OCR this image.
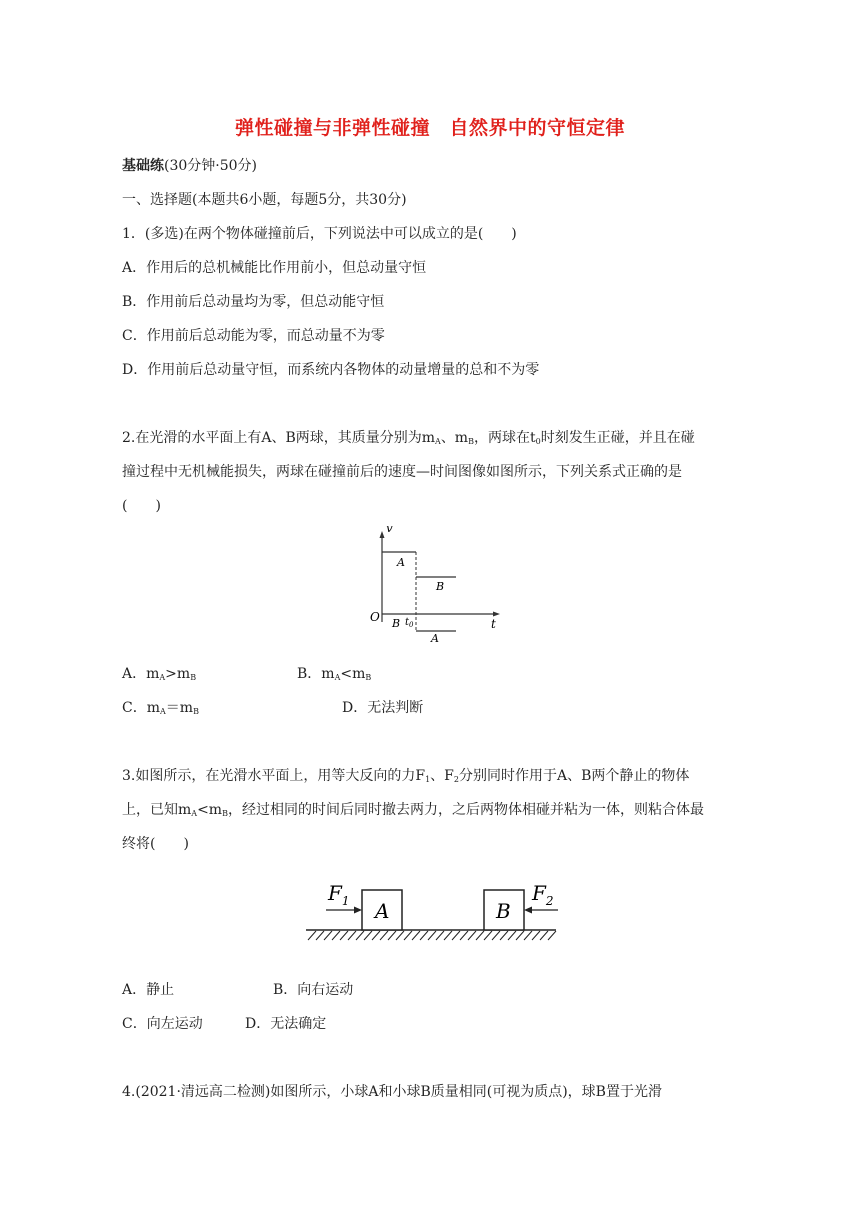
弹性碰撞与非弹性碰撞　自然界中的守恒定律
基础练(30分钟·50分)
一、选择题(本题共6小题，每题5分，共30分)
1．(多选)在两个物体碰撞前后，下列说法中可以成立的是(　　)
A．作用后的总机械能比作用前小，但总动量守恒
B．作用前后总动量均为零，但总动能守恒
C．作用前后总动能为零，而总动量不为零
D．作用前后总动量守恒，而系统内各物体的动量增量的总和不为零
2.在光滑的水平面上有A、B两球，其质量分别为$m_A$、$m_B$，两球在$t_0$时刻发生正碰，并且在碰
撞过程中无机械能损失，两球在碰撞前后的速度—时间图像如图所示，下列关系式正确的是
(　　)
v
t
O
A
B
B $t_0$
A
A．$m_A>m_B$	B．$m_A<m_B$
C．$m_A=m_B$	D．无法判断
3.如图所示，在光滑水平面上，用等大反向的力$F_1$、$F_2$分别同时作用于A、B两个静止的物体
上，已知$m_A<m_B$，经过相同的时间后同时撤去两力，之后两物体相碰并粘为一体，则粘合体最
终将(　　)
A	B
$F_1$	$F_2$
A．静止	B．向右运动
C．向左运动	D．无法确定
4.(2021·清远高二检测)如图所示，小球A和小球B质量相同(可视为质点)，球B置于光滑
